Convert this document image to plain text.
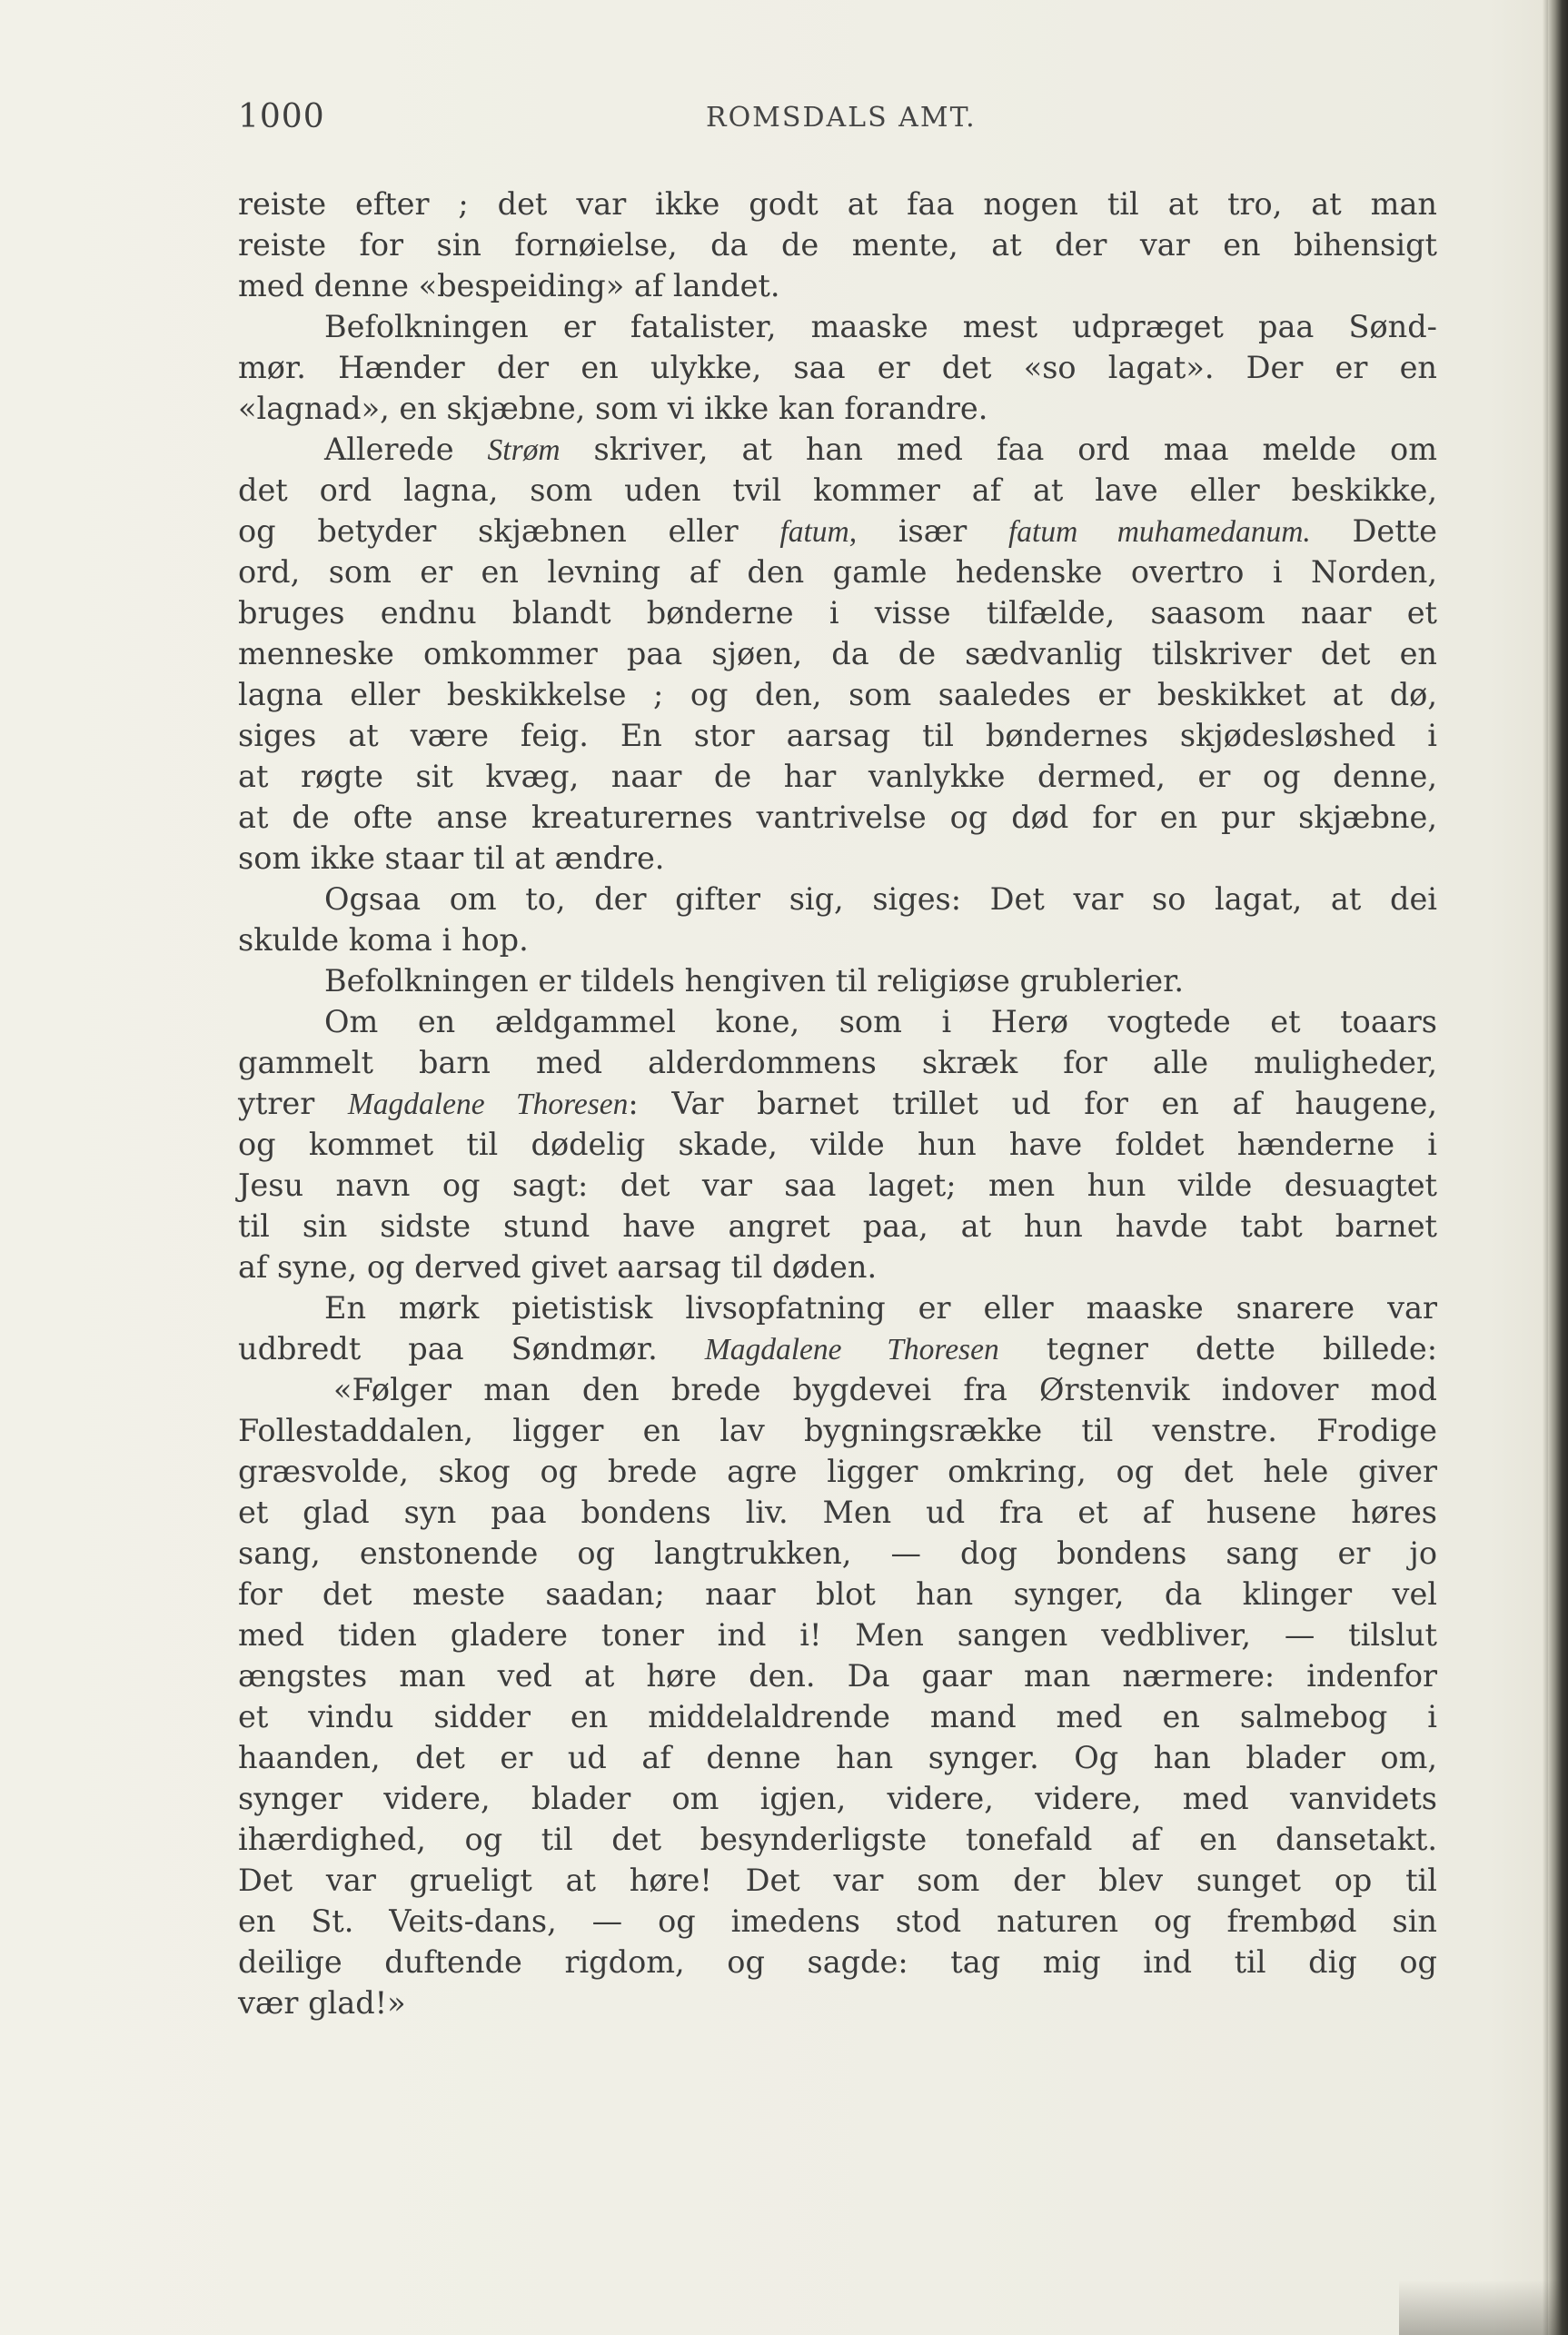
1000	ROMSDALS AMT.
reiste efter ; det var ikke godt at faa nogen til at tro, at man
reiste for sin fornøielse, da de mente, at der var en bihensigt
med denne «bespeiding» af landet.
Befolkningen er fatalister, maaske mest udpræget paa Sønd-
mør. Hænder der en ulykke, saa er det «so lagat». Der er en
«lagnad», en skjæbne, som vi ikke kan forandre.
Allerede Strøm skriver, at han med faa ord maa melde om
det ord lagna, som uden tvil kommer af at lave eller beskikke,
og betyder skjæbnen eller fatum, især fatum muhamedanum. Dette
ord, som er en levning af den gamle hedenske overtro i Norden,
bruges endnu blandt bønderne i visse tilfælde, saasom naar et
menneske omkommer paa sjøen, da de sædvanlig tilskriver det en
lagna eller beskikkelse ; og den, som saaledes er beskikket at dø,
siges at være feig. En stor aarsag til bøndernes skjødesløshed i
at røgte sit kvæg, naar de har vanlykke dermed, er og denne,
at de ofte anse kreaturernes vantrivelse og død for en pur skjæbne,
som ikke staar til at ændre.
Ogsaa om to, der gifter sig, siges: Det var so lagat, at dei
skulde koma i hop.
Befolkningen er tildels hengiven til religiøse grublerier.
Om en ældgammel kone, som i Herø vogtede et toaars
gammelt barn med alderdommens skræk for alle muligheder,
ytrer Magdalene Thoresen: Var barnet trillet ud for en af haugene,
og kommet til dødelig skade, vilde hun have foldet hænderne i
Jesu navn og sagt: det var saa laget; men hun vilde desuagtet
til sin sidste stund have angret paa, at hun havde tabt barnet
af syne, og derved givet aarsag til døden.
En mørk pietistisk livsopfatning er eller maaske snarere var
udbredt paa Søndmør. Magdalene Thoresen tegner dette billede:
«Følger man den brede bygdevei fra Ørstenvik indover mod
Follestaddalen, ligger en lav bygningsrække til venstre. Frodige
græsvolde, skog og brede agre ligger omkring, og det hele giver
et glad syn paa bondens liv. Men ud fra et af husene høres
sang, enstonende og langtrukken, — dog bondens sang er jo
for det meste saadan; naar blot han synger, da klinger vel
med tiden gladere toner ind i! Men sangen vedbliver, — tilslut
ængstes man ved at høre den. Da gaar man nærmere: indenfor
et vindu sidder en middelaldrende mand med en salmebog i
haanden, det er ud af denne han synger. Og han blader om,
synger videre, blader om igjen, videre, videre, med vanvidets
ihærdighed, og til det besynderligste tonefald af en dansetakt.
Det var grueligt at høre! Det var som der blev sunget op til
en St. Veits-dans, — og imedens stod naturen og frembød sin
deilige duftende rigdom, og sagde: tag mig ind til dig og
vær glad!»
